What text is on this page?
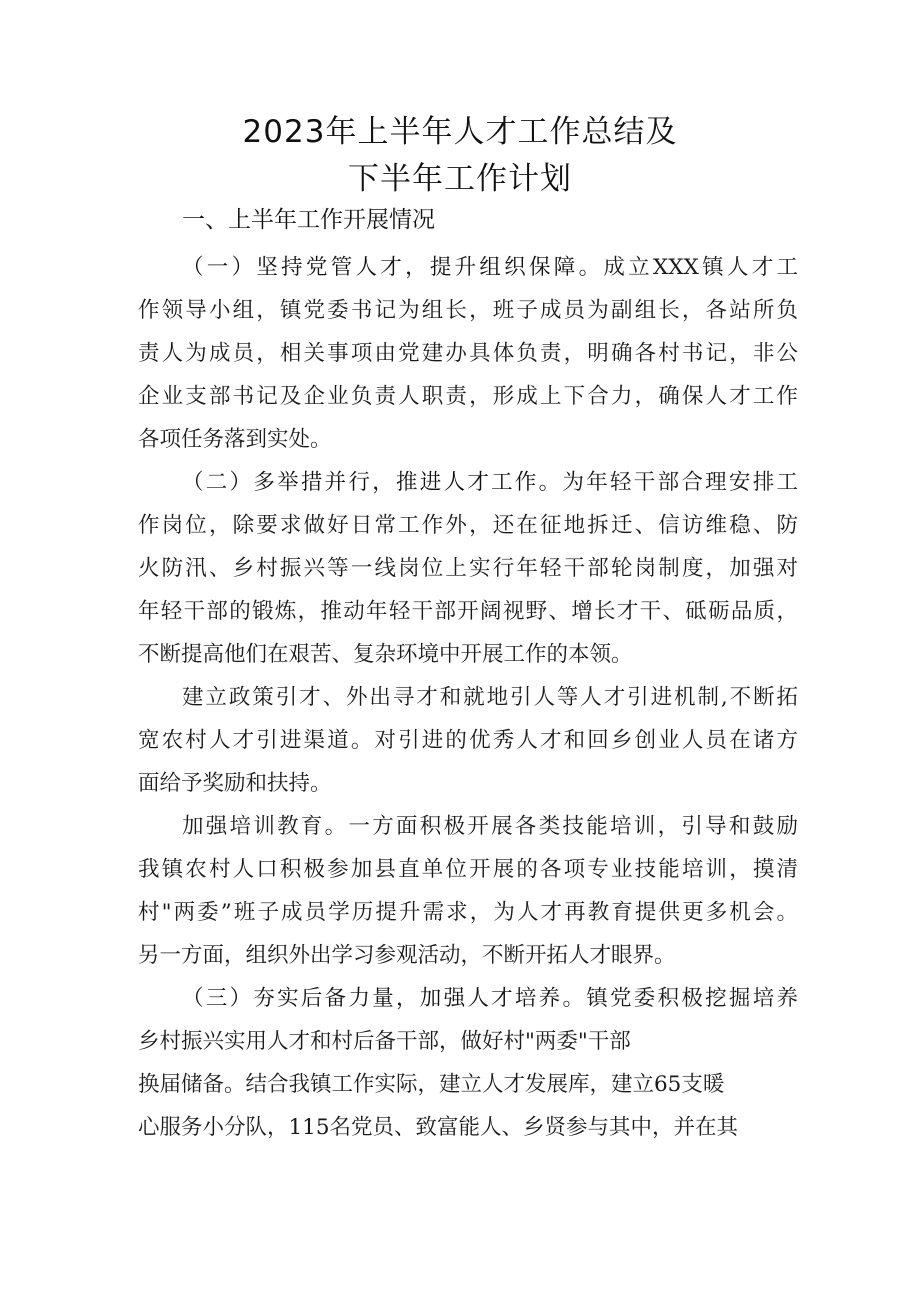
2023年上半年人才工作总结及
下半年工作计划
一、上半年工作开展情况
（一）坚持党管人才，提升组织保障。成立XXX镇人才工
作领导小组，镇党委书记为组长，班子成员为副组长，各站所负
责人为成员，相关事项由党建办具体负责，明确各村书记，非公
企业支部书记及企业负责人职责，形成上下合力，确保人才工作
各项任务落到实处。
（二）多举措并行，推进人才工作。为年轻干部合理安排工
作岗位，除要求做好日常工作外，还在征地拆迁、信访维稳、防
火防汛、乡村振兴等一线岗位上实行年轻干部轮岗制度，加强对
年轻干部的锻炼，推动年轻干部开阔视野、增长才干、砥砺品质，
不断提高他们在艰苦、复杂环境中开展工作的本领。
建立政策引才、外出寻才和就地引人等人才引进机制,不断拓
宽农村人才引进渠道。对引进的优秀人才和回乡创业人员在诸方
面给予奖励和扶持。
加强培训教育。一方面积极开展各类技能培训，引导和鼓励
我镇农村人口积极参加县直单位开展的各项专业技能培训，摸清
村"两委”班子成员学历提升需求，为人才再教育提供更多机会。
另一方面，组织外出学习参观活动，不断开拓人才眼界。
（三）夯实后备力量，加强人才培养。镇党委积极挖掘培养
乡村振兴实用人才和村后备干部，做好村"两委"干部
换届储备。结合我镇工作实际，建立人才发展库，建立65支暖
心服务小分队，115名党员、致富能人、乡贤参与其中，并在其
